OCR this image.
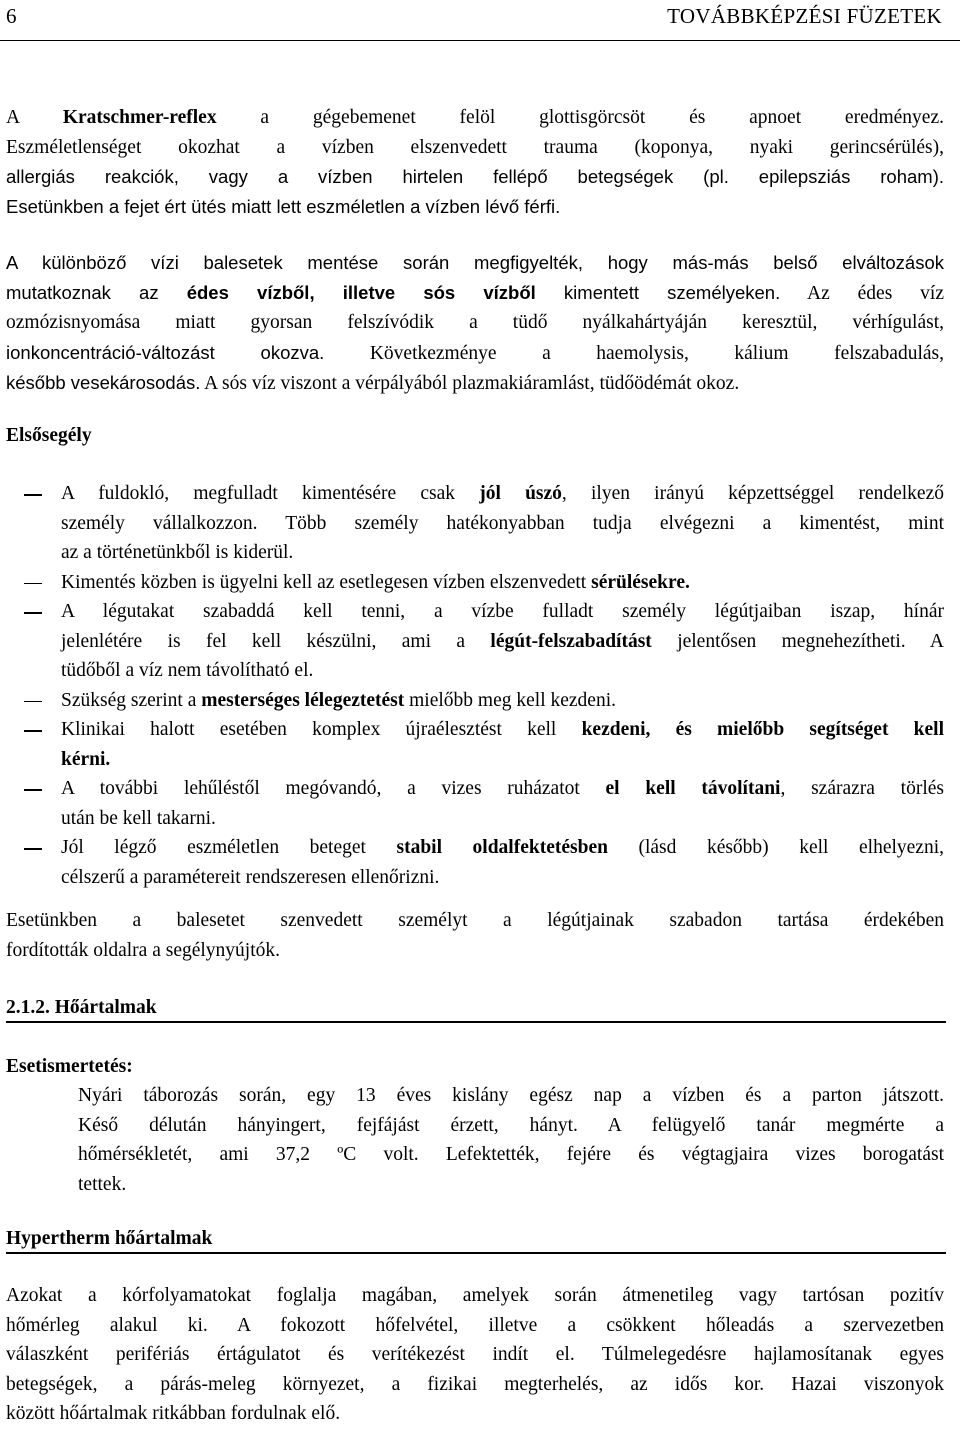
6	TOVÁBBKÉPZÉSI FÜZETEK
A Kratschmer-reflex a gégebemenet felöl glottisgörcsöt és apnoet eredményez.
Eszméletlenséget okozhat a vízben elszenvedett trauma (koponya, nyaki gerincsérülés),
allergiás reakciók, vagy a vízben hirtelen fellépő betegségek (pl. epilepsziás roham).
Esetünkben a fejet ért ütés miatt lett eszméletlen a vízben lévő férfi.
A különböző vízi balesetek mentése során megfigyelték, hogy más-más belső elváltozások
mutatkoznak az édes vízből, illetve sós vízből kimentett személyeken. Az édes víz
ozmózisnyomása miatt gyorsan felszívódik a tüdő nyálkahártyáján keresztül, vérhígulást,
ionkoncentráció-változást okozva. Következménye a haemolysis, kálium felszabadulás,
később vesekárosodás. A sós víz viszont a vérpályából plazmakiáramlást, tüdőödémát okoz.
Elsősegély
A fuldokló, megfulladt kimentésére csak jól úszó, ilyen irányú képzettséggel rendelkező
személy vállalkozzon. Több személy hatékonyabban tudja elvégezni a kimentést, mint
az a történetünkből is kiderül.
Kimentés közben is ügyelni kell az esetlegesen vízben elszenvedett sérülésekre.
A légutakat szabaddá kell tenni, a vízbe fulladt személy légútjaiban iszap, hínár
jelenlétére is fel kell készülni, ami a légút-felszabadítást jelentősen megnehezítheti. A
tüdőből a víz nem távolítható el.
Szükség szerint a mesterséges lélegeztetést mielőbb meg kell kezdeni.
Klinikai halott esetében komplex újraélesztést kell kezdeni, és mielőbb segítséget kell
kérni.
A további lehűléstől megóvandó, a vizes ruházatot el kell távolítani, szárazra törlés
után be kell takarni.
Jól légző eszméletlen beteget stabil oldalfektetésben (lásd később) kell elhelyezni,
célszerű a paramétereit rendszeresen ellenőrizni.
Esetünkben a balesetet szenvedett személyt a légútjainak szabadon tartása érdekében
fordították oldalra a segélynyújtók.
2.1.2. Hőártalmak
Esetismertetés:
Nyári táborozás során, egy 13 éves kislány egész nap a vízben és a parton játszott.
Késő délután hányingert, fejfájást érzett, hányt. A felügyelő tanár megmérte a
hőmérsékletét, ami 37,2 ºC volt. Lefektették, fejére és végtagjaira vizes borogatást
tettek.
Hypertherm hőártalmak
Azokat a kórfolyamatokat foglalja magában, amelyek során átmenetileg vagy tartósan pozitív
hőmérleg alakul ki. A fokozott hőfelvétel, illetve a csökkent hőleadás a szervezetben
válaszként perifériás értágulatot és verítékezést indít el. Túlmelegedésre hajlamosítanak egyes
betegségek, a párás-meleg környezet, a fizikai megterhelés, az idős kor. Hazai viszonyok
között hőártalmak ritkábban fordulnak elő.
